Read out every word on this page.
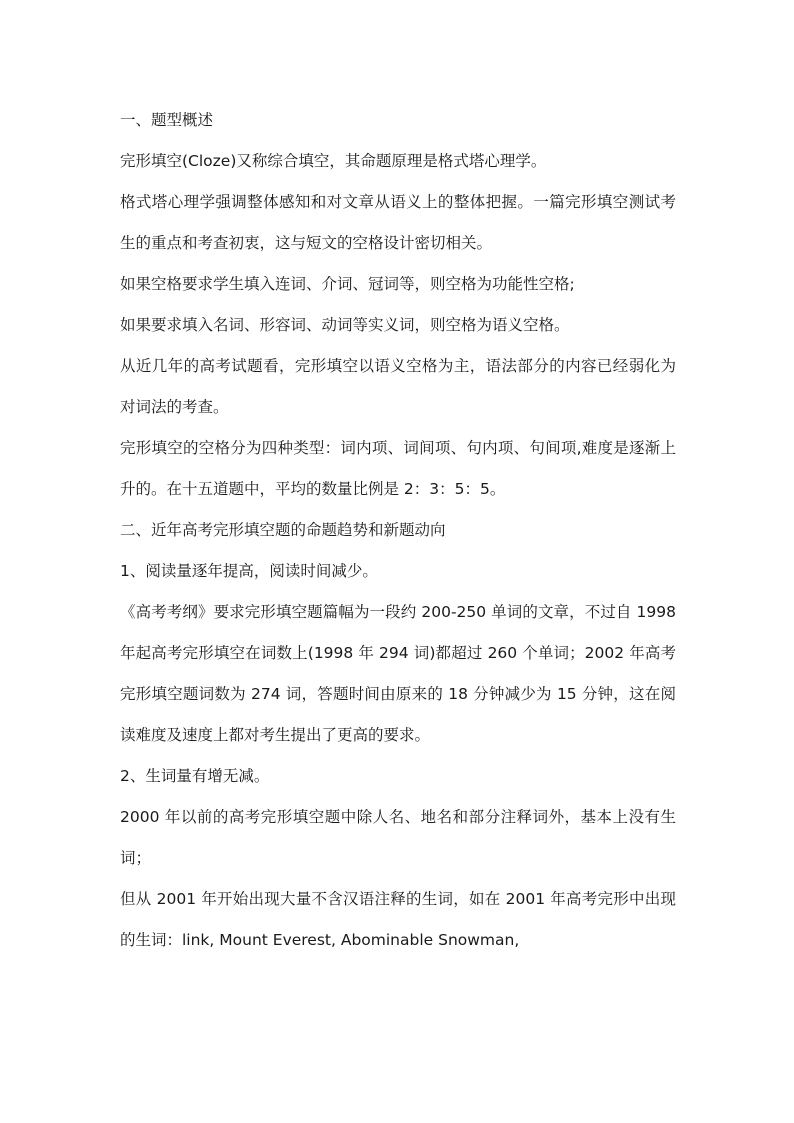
一、题型概述

完形填空(Cloze)又称综合填空，其命题原理是格式塔心理学。

格式塔心理学强调整体感知和对文章从语义上的整体把握。一篇完形填空测试考生的重点和考查初衷，这与短文的空格设计密切相关。

如果空格要求学生填入连词、介词、冠词等，则空格为功能性空格;

如果要求填入名词、形容词、动词等实义词，则空格为语义空格。

从近几年的高考试题看，完形填空以语义空格为主，语法部分的内容已经弱化为对词法的考查。

完形填空的空格分为四种类型：词内项、词间项、句内项、句间项,难度是逐渐上升的。在十五道题中，平均的数量比例是 2：3：5：5。

二、近年高考完形填空题的命题趋势和新题动向

1、阅读量逐年提高，阅读时间减少。

《高考考纲》要求完形填空题篇幅为一段约 200-250 单词的文章，不过自 1998 年起高考完形填空在词数上(1998 年 294 词)都超过 260 个单词；2002 年高考完形填空题词数为 274 词，答题时间由原来的 18 分钟减少为 15 分钟，这在阅读难度及速度上都对考生提出了更高的要求。

2、生词量有增无减。

2000 年以前的高考完形填空题中除人名、地名和部分注释词外，基本上没有生词；

但从 2001 年开始出现大量不含汉语注释的生词，如在 2001 年高考完形中出现的生词：link, Mount Everest, Abominable Snowman,
